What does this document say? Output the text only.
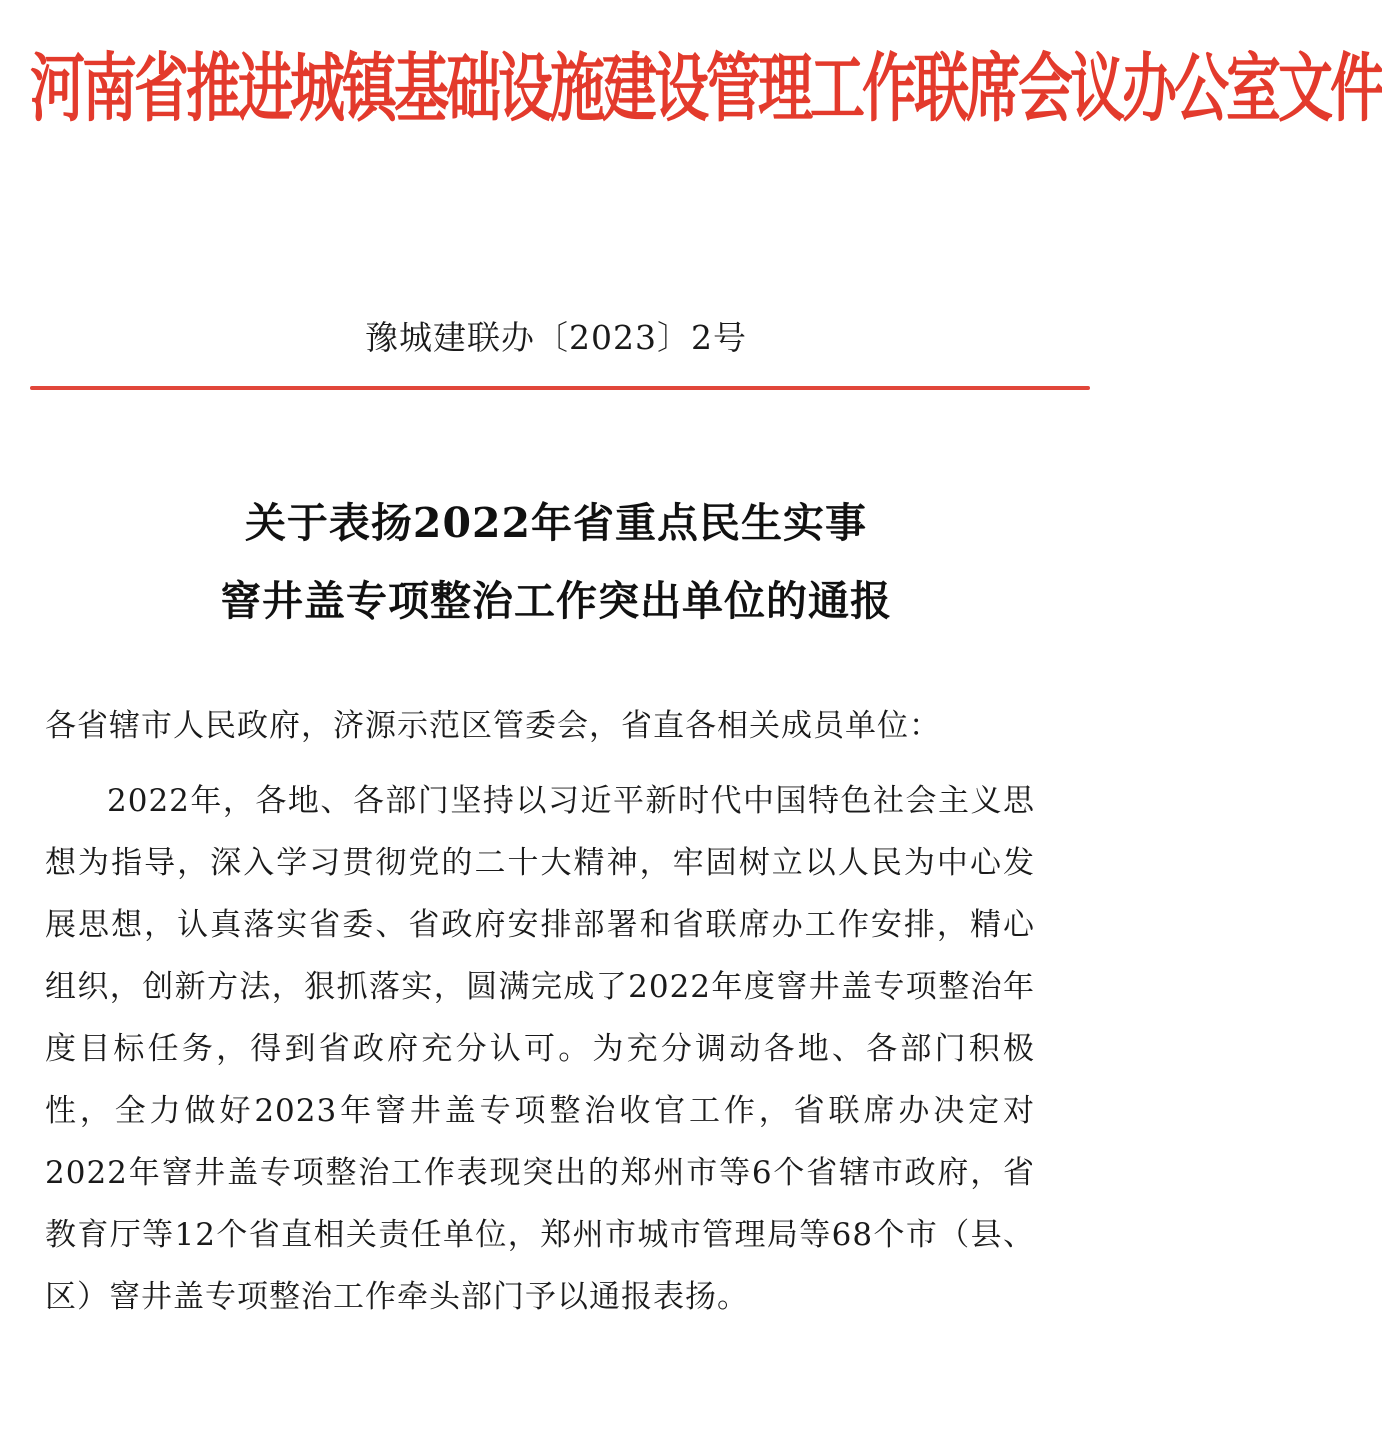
河南省推进城镇基础设施建设管理工作联席会议办公室文件
豫城建联办〔2023〕2号
关于表扬2022年省重点民生实事
窨井盖专项整治工作突出单位的通报
各省辖市人民政府，济源示范区管委会，省直各相关成员单位：

2022年，各地、各部门坚持以习近平新时代中国特色社会主义思想为指导，深入学习贯彻党的二十大精神，牢固树立以人民为中心发展思想，认真落实省委、省政府安排部署和省联席办工作安排，精心组织，创新方法，狠抓落实，圆满完成了2022年度窨井盖专项整治年度目标任务，得到省政府充分认可。为充分调动各地、各部门积极性，全力做好2023年窨井盖专项整治收官工作，省联席办决定对2022年窨井盖专项整治工作表现突出的郑州市等6个省辖市政府，省教育厅等12个省直相关责任单位，郑州市城市管理局等68个市（县、区）窨井盖专项整治工作牵头部门予以通报表扬。
